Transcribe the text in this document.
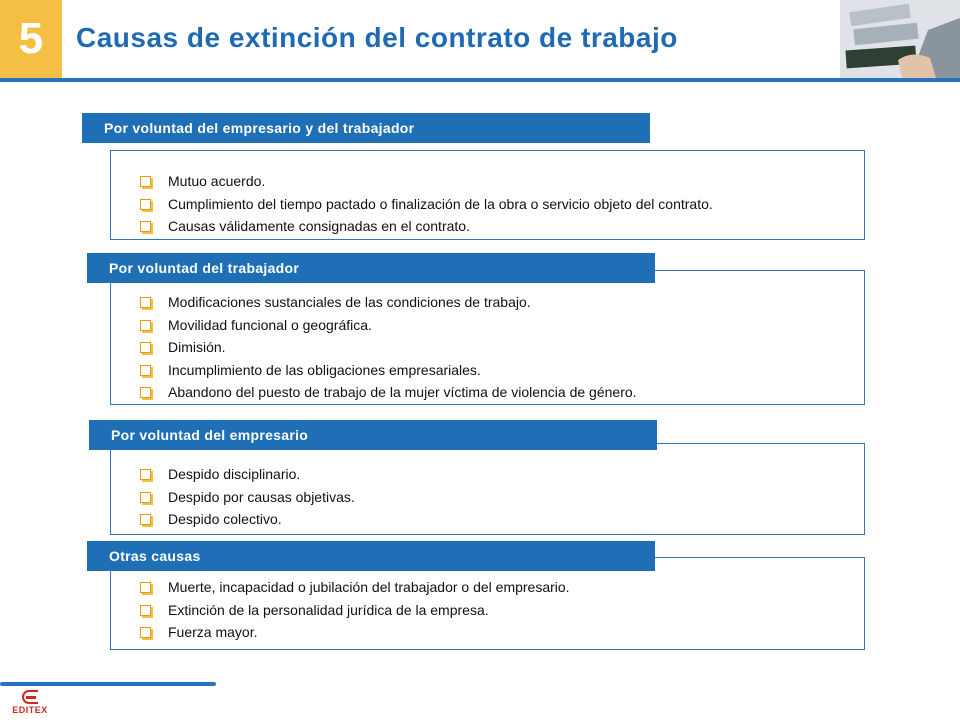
5	Causas de extinción del contrato de trabajo
Mutuo acuerdo.
Cumplimiento del tiempo pactado o finalización de la obra o servicio objeto del contrato.
Causas válidamente consignadas en el contrato.
Por voluntad del empresario y del trabajador
Modificaciones sustanciales de las condiciones de trabajo.
Movilidad funcional o geográfica.
Dimisión.
Incumplimiento de las obligaciones empresariales.
Abandono del puesto de trabajo de la mujer víctima de violencia de género.
Por voluntad del trabajador
Despido disciplinario.
Despido por causas objetivas.
Despido colectivo.
Por voluntad del empresario
Muerte, incapacidad o jubilación del trabajador o del empresario.
Extinción de la personalidad jurídica de la empresa.
Fuerza mayor.
Otras causas
EDITEX
